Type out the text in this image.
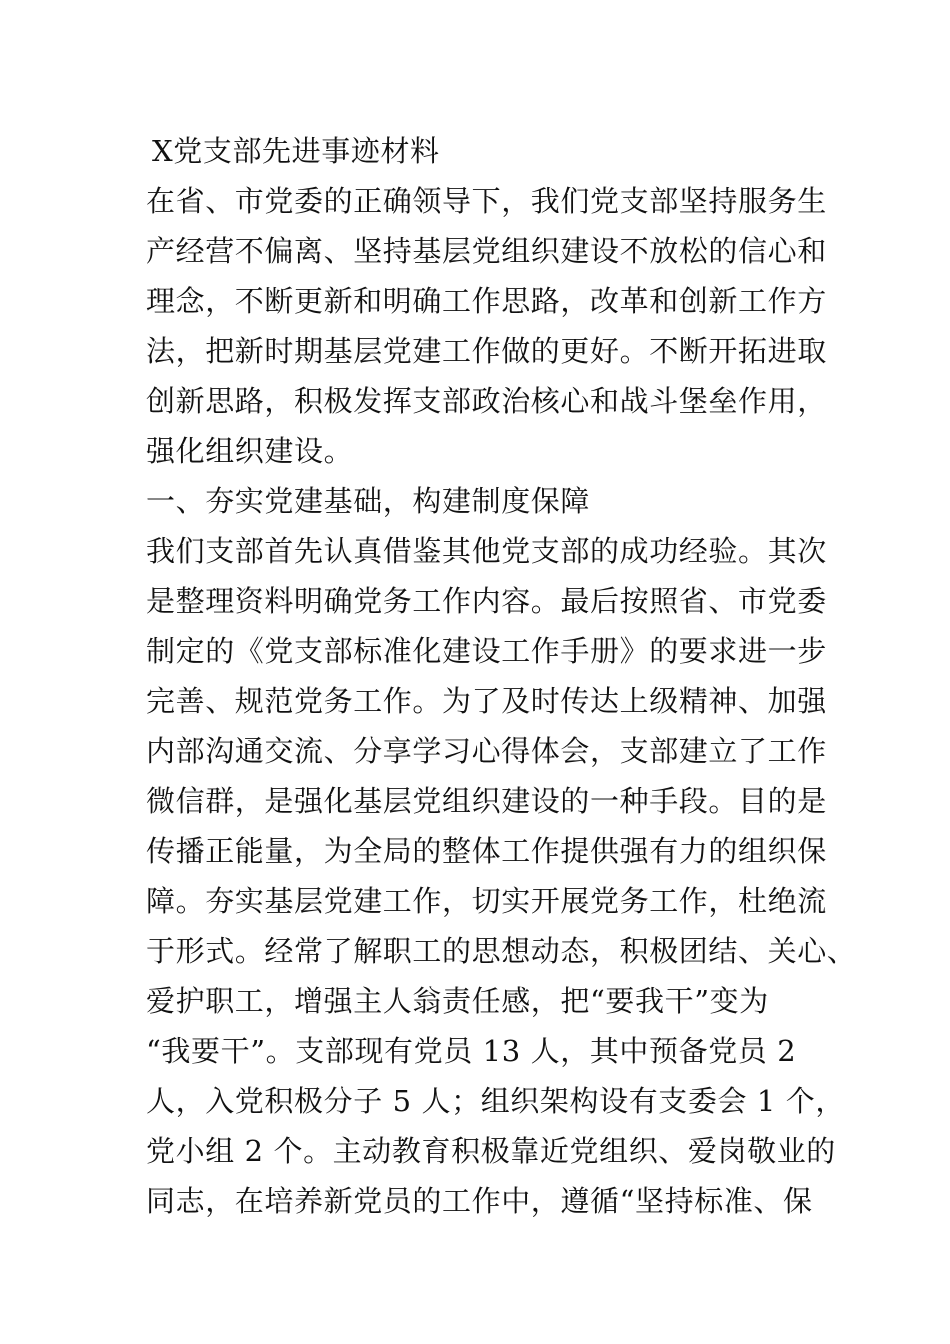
X党支部先进事迹材料
在省、市党委的正确领导下，我们党支部坚持服务生
产经营不偏离、坚持基层党组织建设不放松的信心和
理念，不断更新和明确工作思路，改革和创新工作方
法，把新时期基层党建工作做的更好。不断开拓进取
创新思路，积极发挥支部政治核心和战斗堡垒作用，
强化组织建设。
一、夯实党建基础，构建制度保障
我们支部首先认真借鉴其他党支部的成功经验。其次
是整理资料明确党务工作内容。最后按照省、市党委
制定的《党支部标准化建设工作手册》的要求进一步
完善、规范党务工作。为了及时传达上级精神、加强
内部沟通交流、分享学习心得体会，支部建立了工作
微信群，是强化基层党组织建设的一种手段。目的是
传播正能量，为全局的整体工作提供强有力的组织保
障。夯实基层党建工作，切实开展党务工作，杜绝流
于形式。经常了解职工的思想动态，积极团结、关心、
爱护职工，增强主人翁责任感，把“要我干”变为
“我要干”。支部现有党员 13 人，其中预备党员 2
人，入党积极分子 5 人；组织架构设有支委会 1 个，
党小组 2 个。主动教育积极靠近党组织、爱岗敬业的
同志，在培养新党员的工作中，遵循“坚持标准、保
